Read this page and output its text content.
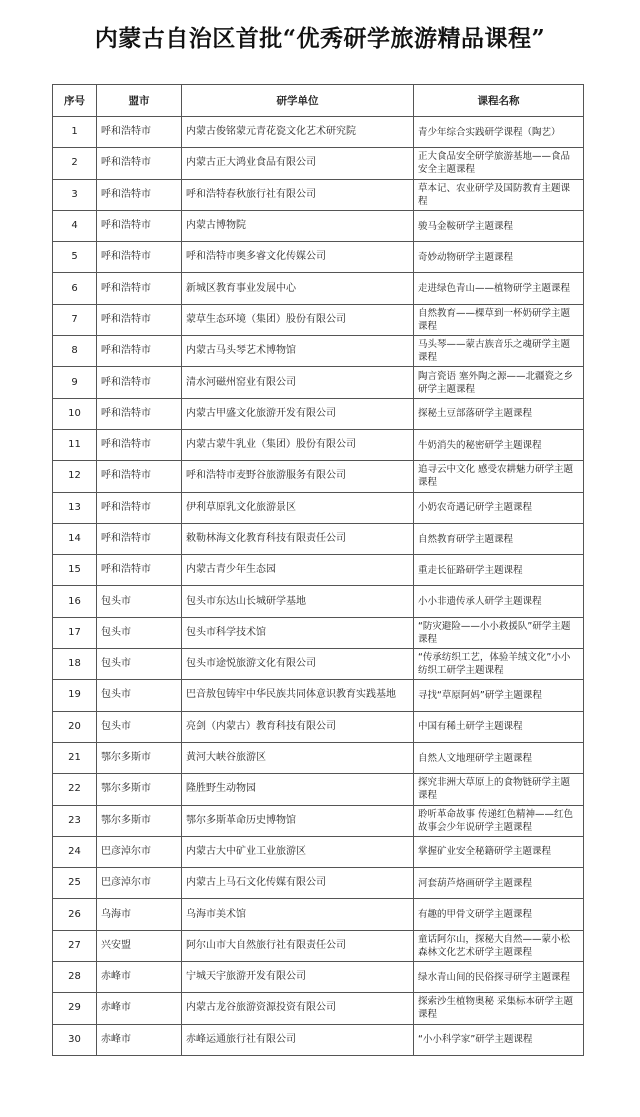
内蒙古自治区首批“优秀研学旅游精品课程”
序号	盟市	研学单位	课程名称
1	呼和浩特市	内蒙古俊铭蒙元青花瓷文化艺术研究院	青少年综合实践研学课程（陶艺）
2	呼和浩特市	内蒙古正大鸿业食品有限公司	正大食品安全研学旅游基地——食品安全主题课程
3	呼和浩特市	呼和浩特春秋旅行社有限公司	草本记、农业研学及国防教育主题课程
4	呼和浩特市	内蒙古博物院	骏马金鞍研学主题课程
5	呼和浩特市	呼和浩特市奥多睿文化传媒公司	奇妙动物研学主题课程
6	呼和浩特市	新城区教育事业发展中心	走进绿色青山——植物研学主题课程
7	呼和浩特市	蒙草生态环境（集团）股份有限公司	自然教育——棵草到一杯奶研学主题课程
8	呼和浩特市	内蒙古马头琴艺术博物馆	马头琴——蒙古族音乐之魂研学主题课程
9	呼和浩特市	清水河磁州窑业有限公司	陶言瓷语 塞外陶之源——北疆瓷之乡研学主题课程
10	呼和浩特市	内蒙古甲盛文化旅游开发有限公司	探秘土豆部落研学主题课程
11	呼和浩特市	内蒙古蒙牛乳业（集团）股份有限公司	牛奶消失的秘密研学主题课程
12	呼和浩特市	呼和浩特市麦野谷旅游服务有限公司	追寻云中文化 感受农耕魅力研学主题课程
13	呼和浩特市	伊利草原乳文化旅游景区	小奶农奇遇记研学主题课程
14	呼和浩特市	敕勒林海文化教育科技有限责任公司	自然教育研学主题课程
15	呼和浩特市	内蒙古青少年生态园	重走长征路研学主题课程
16	包头市	包头市东达山长城研学基地	小小非遗传承人研学主题课程
17	包头市	包头市科学技术馆	“防灾避险——小小救援队”研学主题课程
18	包头市	包头市途悦旅游文化有限公司	“传承纺织工艺，体验羊绒文化”小小纺织工研学主题课程
19	包头市	巴音敖包铸牢中华民族共同体意识教育实践基地	寻找“草原阿妈”研学主题课程
20	包头市	亮剑（内蒙古）教育科技有限公司	中国有稀土研学主题课程
21	鄂尔多斯市	黄河大峡谷旅游区	自然人文地理研学主题课程
22	鄂尔多斯市	隆胜野生动物园	探究非洲大草原上的食物链研学主题课程
23	鄂尔多斯市	鄂尔多斯革命历史博物馆	聆听革命故事 传递红色精神——红色故事会少年说研学主题课程
24	巴彦淖尔市	内蒙古大中矿业工业旅游区	掌握矿业安全秘籍研学主题课程
25	巴彦淖尔市	内蒙古上马石文化传媒有限公司	河套葫芦烙画研学主题课程
26	乌海市	乌海市美术馆	有趣的甲骨文研学主题课程
27	兴安盟	阿尔山市大自然旅行社有限责任公司	童话阿尔山，探秘大自然——蒙小松森林文化艺术研学主题课程
28	赤峰市	宁城天宇旅游开发有限公司	绿水青山间的民俗探寻研学主题课程
29	赤峰市	内蒙古龙谷旅游资源投资有限公司	探索沙生植物奥秘 采集标本研学主题课程
30	赤峰市	赤峰运通旅行社有限公司	“小小科学家”研学主题课程
